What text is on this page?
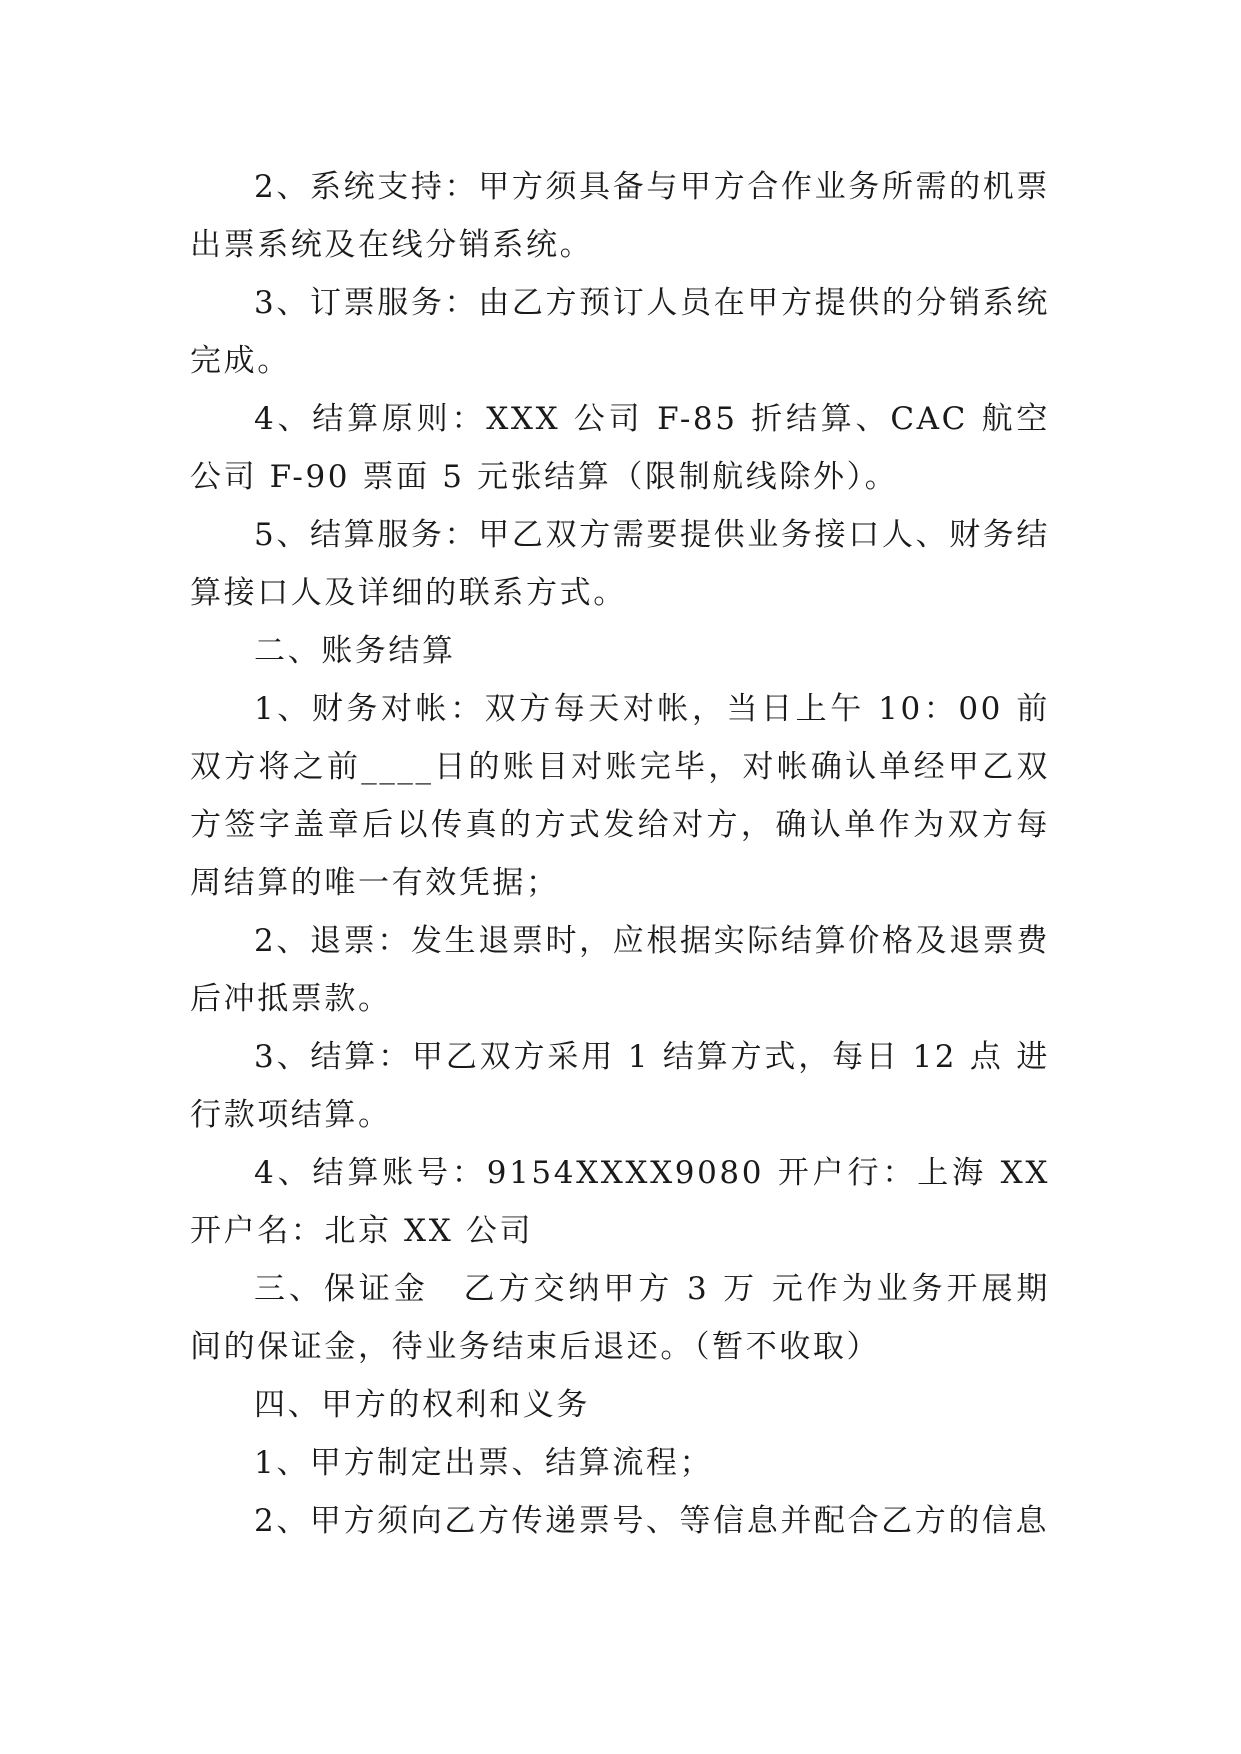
2、系统支持：甲方须具备与甲方合作业务所需的机票出票系统及在线分销系统。

3、订票服务：由乙方预订人员在甲方提供的分销系统完成。

4、结算原则：XXX 公司 F-85 折结算、CAC 航空公司 F-90 票面 5 元张结算（限制航线除外）。

5、结算服务：甲乙双方需要提供业务接口人、财务结算接口人及详细的联系方式。

二、账务结算

1、财务对帐：双方每天对帐，当日上午 10：00 前双方将之前____日的账目对账完毕，对帐确认单经甲乙双方签字盖章后以传真的方式发给对方，确认单作为双方每周结算的唯一有效凭据；

2、退票：发生退票时，应根据实际结算价格及退票费后冲抵票款。

3、结算：甲乙双方采用 1 结算方式，每日 12 点 进行款项结算。

4、结算账号：9154XXXX9080 开户行：上海 XX 开户名：北京 XX 公司

三、保证金　乙方交纳甲方 3 万 元作为业务开展期间的保证金，待业务结束后退还。（暂不收取）

四、甲方的权利和义务

1、甲方制定出票、结算流程；

2、甲方须向乙方传递票号、等信息并配合乙方的信息
